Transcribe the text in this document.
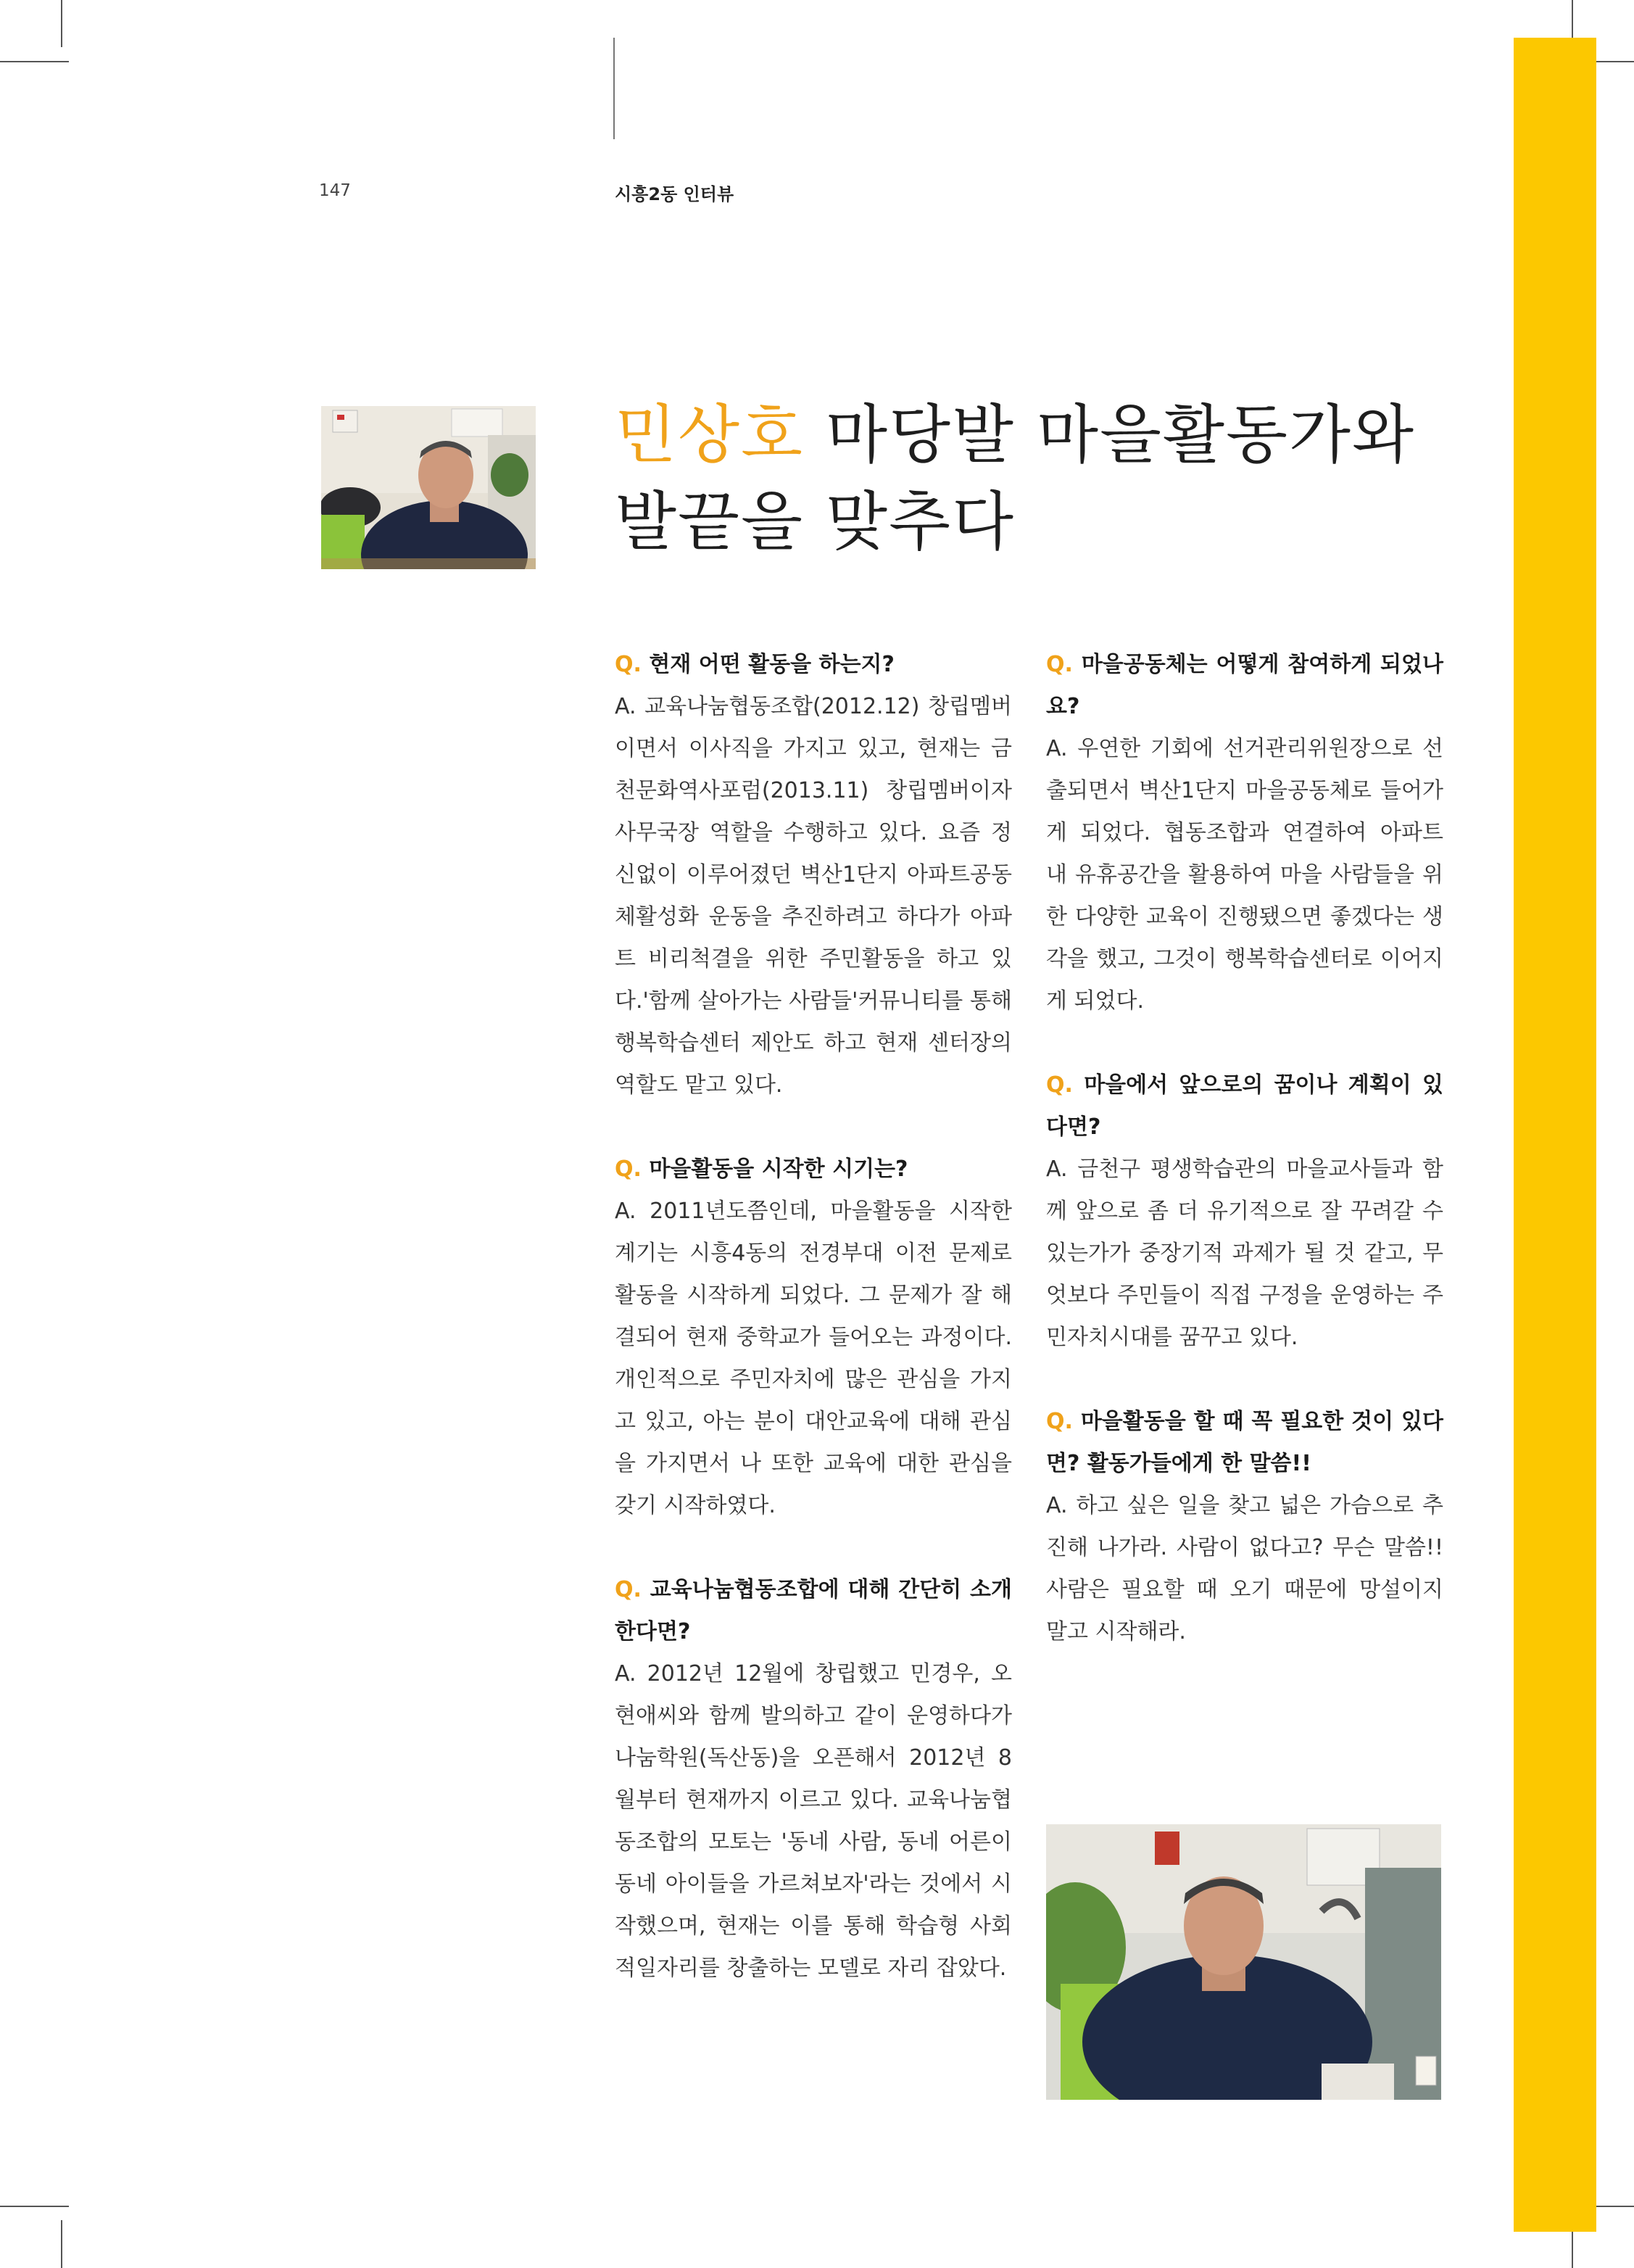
147	시흥2동 인터뷰
민상호 마당발 마을활동가와
발끝을 맞추다
Q. 현재 어떤 활동을 하는지?
A. 교육나눔협동조합(2012.12) 창립멤버이면서 이사직을 가지고 있고, 현재는 금천문화역사포럼(2013.11) 창립멤버이자 사무국장 역할을 수행하고 있다. 요즘 정신없이 이루어졌던 벽산1단지 아파트공동체활성화 운동을 추진하려고 하다가 아파트 비리척결을 위한 주민활동을 하고 있다.'함께 살아가는 사람들'커뮤니티를 통해 행복학습센터 제안도 하고 현재 센터장의 역할도 맡고 있다.
Q. 마을활동을 시작한 시기는?
A. 2011년도쯤인데, 마을활동을 시작한 계기는 시흥4동의 전경부대 이전 문제로 활동을 시작하게 되었다. 그 문제가 잘 해결되어 현재 중학교가 들어오는 과정이다. 개인적으로 주민자치에 많은 관심을 가지고 있고, 아는 분이 대안교육에 대해 관심을 가지면서 나 또한 교육에 대한 관심을 갖기 시작하였다.
Q. 교육나눔협동조합에 대해 간단히 소개한다면?
A. 2012년 12월에 창립했고 민경우, 오현애씨와 함께 발의하고 같이 운영하다가 나눔학원(독산동)을 오픈해서 2012년 8월부터 현재까지 이르고 있다. 교육나눔협동조합의 모토는 '동네 사람, 동네 어른이 동네 아이들을 가르쳐보자'라는 것에서 시작했으며, 현재는 이를 통해 학습형 사회적일자리를 창출하는 모델로 자리 잡았다.
Q. 마을공동체는 어떻게 참여하게 되었나요?
A. 우연한 기회에 선거관리위원장으로 선출되면서 벽산1단지 마을공동체로 들어가게 되었다. 협동조합과 연결하여 아파트 내 유휴공간을 활용하여 마을 사람들을 위한 다양한 교육이 진행됐으면 좋겠다는 생각을 했고, 그것이 행복학습센터로 이어지게 되었다.
Q. 마을에서 앞으로의 꿈이나 계획이 있다면?
A. 금천구 평생학습관의 마을교사들과 함께 앞으로 좀 더 유기적으로 잘 꾸려갈 수 있는가가 중장기적 과제가 될 것 같고, 무엇보다 주민들이 직접 구정을 운영하는 주민자치시대를 꿈꾸고 있다.
Q. 마을활동을 할 때 꼭 필요한 것이 있다면? 활동가들에게 한 말씀!!
A. 하고 싶은 일을 찾고 넓은 가슴으로 추진해 나가라. 사람이 없다고? 무슨 말씀!! 사람은 필요할 때 오기 때문에 망설이지 말고 시작해라.
